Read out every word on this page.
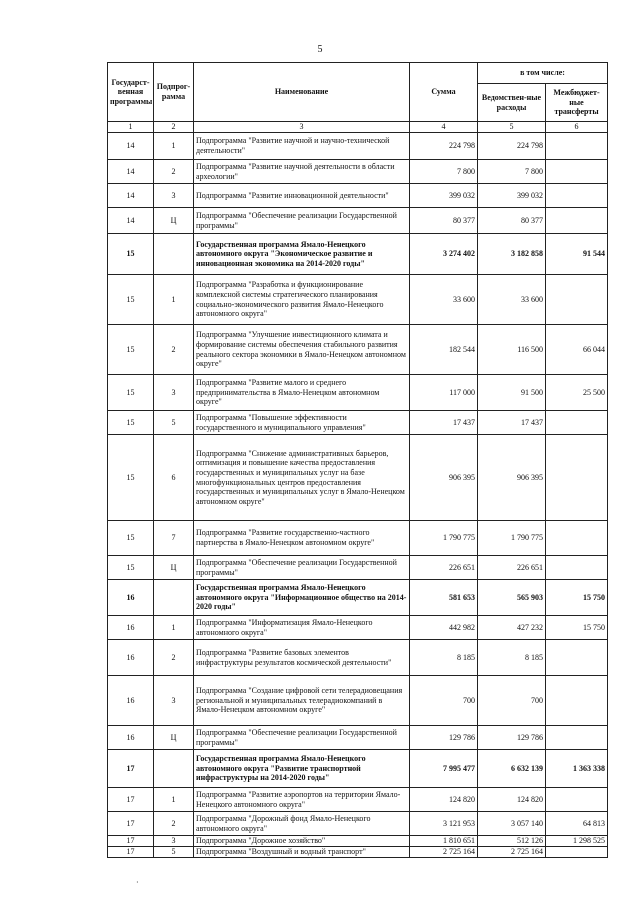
5
Государст-венная программы	Подпрог-рамма	Наименование	Сумма	в том числе:	
				Ведомствен-ные расходы	Межбюджет-ные трансферты
1	2	3	4	5	6
14	1	Подпрограмма "Развитие научной и научно-технической деятельности"	224 798	224 798	
14	2	Подпрограмма "Развитие научной деятельности в области археологии"	7 800	7 800	
14	3	Подпрограмма "Развитие инновационной деятельности"	399 032	399 032	
14	Ц	Подпрограмма "Обеспечение реализации Государственной программы"	80 377	80 377	
15		Государственная программа Ямало-Ненецкого автономного округа "Экономическое развитие и инновационная экономика на 2014-2020 годы"	3 274 402	3 182 858	91 544
15	1	Подпрограмма "Разработка и функционирование комплексной системы стратегического планирования социально-экономического развития Ямало-Ненецкого автономного округа"	33 600	33 600	
15	2	Подпрограмма "Улучшение инвестиционного климата и формирование системы обеспечения стабильного развития реального сектора экономики в Ямало-Ненецком автономном округе"	182 544	116 500	66 044
15	3	Подпрограмма "Развитие малого и среднего предпринимательства в Ямало-Ненецком автономном округе"	117 000	91 500	25 500
15	5	Подпрограмма "Повышение эффективности государственного и муниципального управления"	17 437	17 437	
15	6	Подпрограмма "Снижение административных барьеров, оптимизация и повышение качества предоставления государственных и муниципальных услуг на базе многофункциональных центров предоставления государственных и муниципальных услуг в Ямало-Ненецком автономном округе"	906 395	906 395	
15	7	Подпрограмма "Развитие государственно-частного партнерства в Ямало-Ненецком автономном округе"	1 790 775	1 790 775	
15	Ц	Подпрограмма "Обеспечение реализации Государственной программы"	226 651	226 651	
16		Государственная программа Ямало-Ненецкого автономного округа "Информационное общество на 2014-2020 годы"	581 653	565 903	15 750
16	1	Подпрограмма "Информатизация Ямало-Ненецкого автономного округа"	442 982	427 232	15 750
16	2	Подпрограмма "Развитие базовых элементов инфраструктуры результатов космической деятельности"	8 185	8 185	
16	3	Подпрограмма "Создание цифровой сети телерадиовещания региональной и муниципальных телерадиокомпаний в Ямало-Ненецком автономном округе"	700	700	
16	Ц	Подпрограмма "Обеспечение реализации Государственной программы"	129 786	129 786	
17		Государственная программа Ямало-Ненецкого автономного округа "Развитие транспортной инфраструктуры на 2014-2020 годы"	7 995 477	6 632 139	1 363 338
17	1	Подпрограмма "Развитие аэропортов на территории Ямало-Ненецкого автономного округа"	124 820	124 820	
17	2	Подпрограмма "Дорожный фонд Ямало-Ненецкого автономного округа"	3 121 953	3 057 140	64 813
17	3	Подпрограмма "Дорожное хозяйство"	1 810 651	512 126	1 298 525
17	5	Подпрограмма "Воздушный и водный транспорт"	2 725 164	2 725 164	
·
